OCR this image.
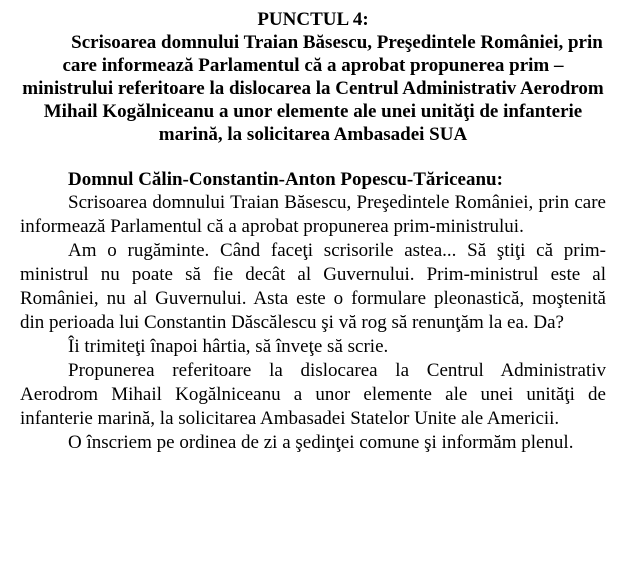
PUNCTUL 4:
Scrisoarea domnului Traian Băsescu, Preşedintele României, prin care informează Parlamentul că a aprobat propunerea prim – ministrului referitoare la dislocarea la Centrul Administrativ Aerodrom Mihail Kogălniceanu a unor elemente ale unei unităţi de infanterie marină, la solicitarea Ambasadei SUA
Domnul Călin-Constantin-Anton Popescu-Tăriceanu:

Scrisoarea domnului Traian Băsescu, Preşedintele României, prin care informează Parlamentul că a aprobat propunerea prim-ministrului.

Am o rugăminte. Când faceţi scrisorile astea... Să ştiţi că prim-ministrul nu poate să fie decât al Guvernului. Prim-ministrul este al României, nu al Guvernului. Asta este o formulare pleonastică, moştenită din perioada lui Constantin Dăscălescu şi vă rog să renunţăm la ea. Da?

Îi trimiteţi înapoi hârtia, să înveţe să scrie.

Propunerea referitoare la dislocarea la Centrul Administrativ Aerodrom Mihail Kogălniceanu a unor elemente ale unei unităţi de infanterie marină, la solicitarea Ambasadei Statelor Unite ale Americii.

O înscriem pe ordinea de zi a şedinţei comune şi informăm plenul.
